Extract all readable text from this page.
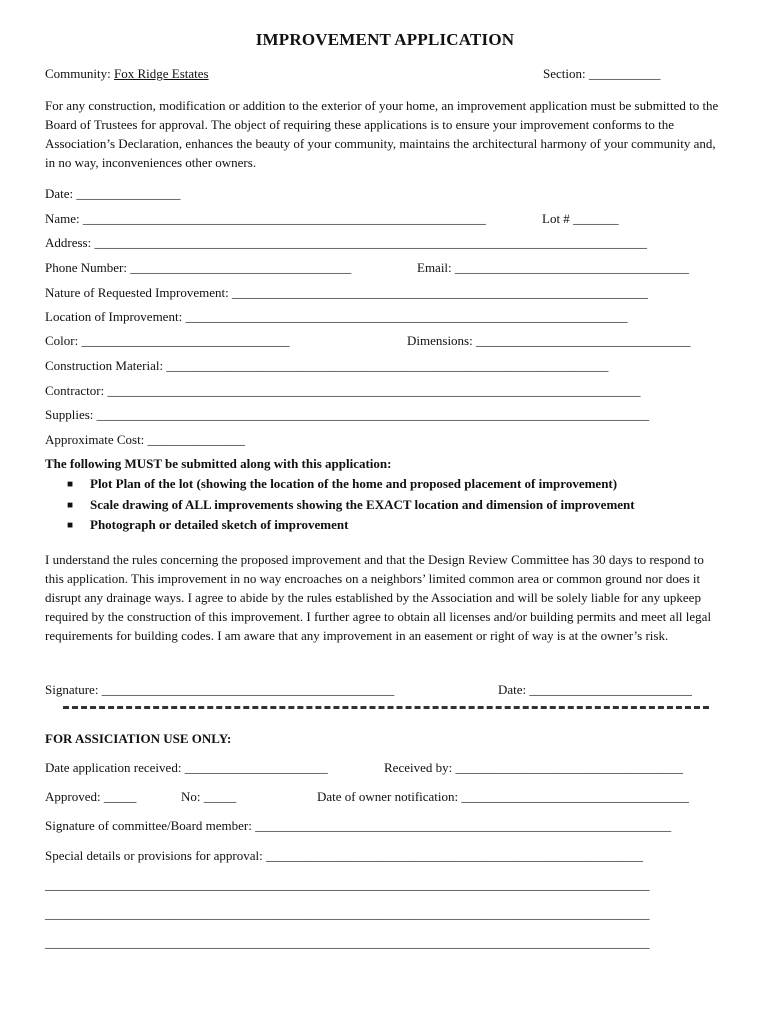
IMPROVEMENT APPLICATION
Community: Fox Ridge Estates	Section: ___________
For any construction, modification or addition to the exterior of your home, an improvement application must be submitted to the Board of Trustees for approval. The object of requiring these applications is to ensure your improvement conforms to the Association’s Declaration, enhances the beauty of your community, maintains the architectural harmony of your community and, in no way, inconveniences other owners.
Date: ________________
Name: ______________________________________________________________	Lot # _______
Address: _____________________________________________________________________________________
Phone Number: __________________________________	Email: ____________________________________
Nature of Requested Improvement: ________________________________________________________________
Location of Improvement: ____________________________________________________________________
Color: ________________________________	Dimensions: _________________________________
Construction Material: ____________________________________________________________________
Contractor: __________________________________________________________________________________
Supplies: _____________________________________________________________________________________
Approximate Cost: _______________
The following MUST be submitted along with this application:
■ Plot Plan of the lot (showing the location of the home and proposed placement of improvement)
■ Scale drawing of ALL improvements showing the EXACT location and dimension of improvement
■ Photograph or detailed sketch of improvement
I understand the rules concerning the proposed improvement and that the Design Review Committee has 30 days to respond to this application. This improvement in no way encroaches on a neighbors’ limited common area or common ground nor does it disrupt any drainage ways. I agree to abide by the rules established by the Association and will be solely liable for any upkeep required by the construction of this improvement. I further agree to obtain all licenses and/or building permits and meet all legal requirements for building codes. I am aware that any improvement in an easement or right of way is at the owner’s risk.
Signature: _____________________________________________	Date: _________________________
FOR ASSICIATION USE ONLY:
Date application received: ______________________	Received by: ___________________________________
Approved: _____	No: _____	Date of owner notification: ___________________________________
Signature of committee/Board member: ________________________________________________________________
Special details or provisions for approval: __________________________________________________________
_____________________________________________________________________________________________
_____________________________________________________________________________________________
_____________________________________________________________________________________________
